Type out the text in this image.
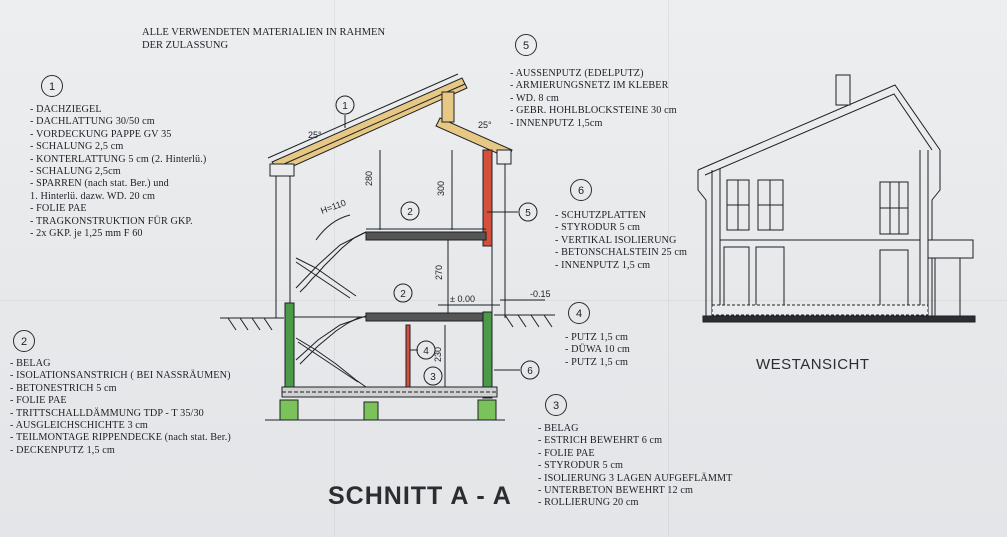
ALLE VERWENDETEN MATERIALIEN IN RAHMEN
DER ZULASSUNG
1
- DACHZIEGEL
- DACHLATTUNG 30/50 cm
- VORDECKUNG PAPPE GV 35
- SCHALUNG 2,5 cm
- KONTERLATTUNG 5 cm (2. Hinterlü.)
- SCHALUNG 2,5cm
- SPARREN (nach stat. Ber.) und
1. Hinterlü. dazw. WD. 20 cm
- FOLIE PAE
- TRAGKONSTRUKTION FÜR GKP.
- 2x GKP. je 1,25 mm F 60
2
- BELAG
- ISOLATIONSANSTRICH ( BEI NASSRÄUMEN)
- BETONESTRICH 5 cm
- FOLIE PAE
- TRITTSCHALLDÄMMUNG TDP - T 35/30
- AUSGLEICHSCHICHTE 3 cm
- TEILMONTAGE RIPPENDECKE (nach stat. Ber.)
- DECKENPUTZ 1,5 cm
5
- AUSSENPUTZ (EDELPUTZ)
- ARMIERUNGSNETZ IM KLEBER
- WD. 8 cm
- GEBR. HOHLBLOCKSTEINE 30 cm
- INNENPUTZ 1,5cm
6
- SCHUTZPLATTEN
- STYRODUR 5 cm
- VERTIKAL ISOLIERUNG
- BETONSCHALSTEIN 25 cm
- INNENPUTZ 1,5 cm
4
- PUTZ 1,5 cm
- DÜWA 10 cm
- PUTZ 1,5 cm
3
- BELAG
- ESTRICH BEWEHRT 6 cm
- FOLIE PAE
- STYRODUR 5 cm
- ISOLIERUNG 3 LAGEN AUFGEFLÄMMT
- UNTERBETON BEWEHRT 12 cm
- ROLLIERUNG 20 cm
1
2
2
3
4
5
6
25°
25°
H=110
280
300
270
230
± 0.00	-0.15
SCHNITT A - A
WESTANSICHT
